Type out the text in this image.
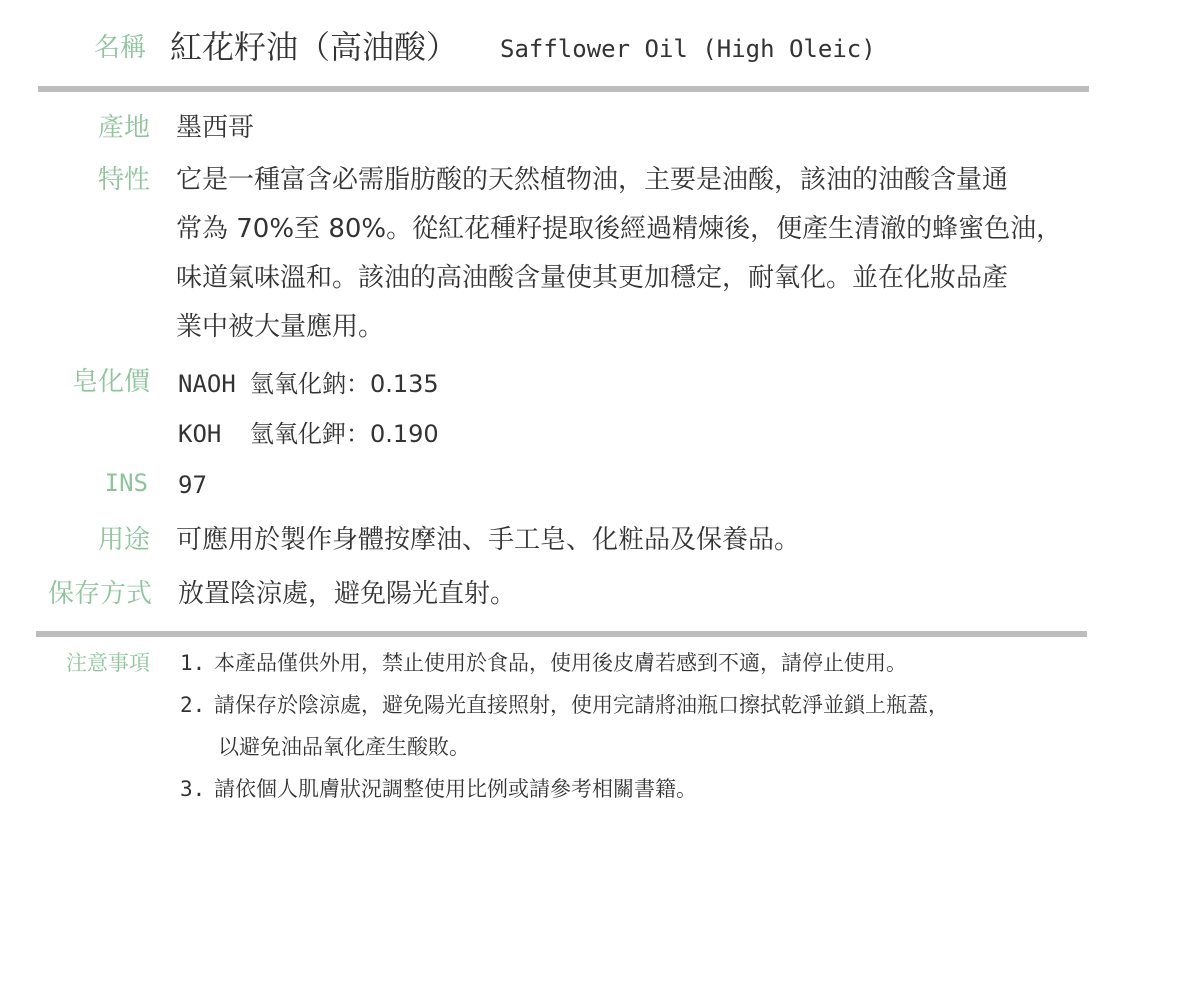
名稱 紅花籽油（高油酸） Safflower Oil (High Oleic)
產地 墨西哥
特性 它是一種富含必需脂肪酸的天然植物油，主要是油酸，該油的油酸含量通
常為 70%至 80%。從紅花種籽提取後經過精煉後，便產生清澈的蜂蜜色油，
味道氣味溫和。該油的高油酸含量使其更加穩定，耐氧化。並在化妝品產
業中被大量應用。
皂化價 NAOH 氫氧化鈉：0.135
KOH 氫氧化鉀：0.190
INS 97
用途 可應用於製作身體按摩油、手工皂、化粧品及保養品。
保存方式 放置陰涼處，避免陽光直射。
注意事項 1. 本產品僅供外用，禁止使用於食品，使用後皮膚若感到不適，請停止使用。
2. 請保存於陰涼處，避免陽光直接照射，使用完請將油瓶口擦拭乾淨並鎖上瓶蓋，
以避免油品氧化產生酸敗。
3. 請依個人肌膚狀況調整使用比例或請參考相關書籍。
